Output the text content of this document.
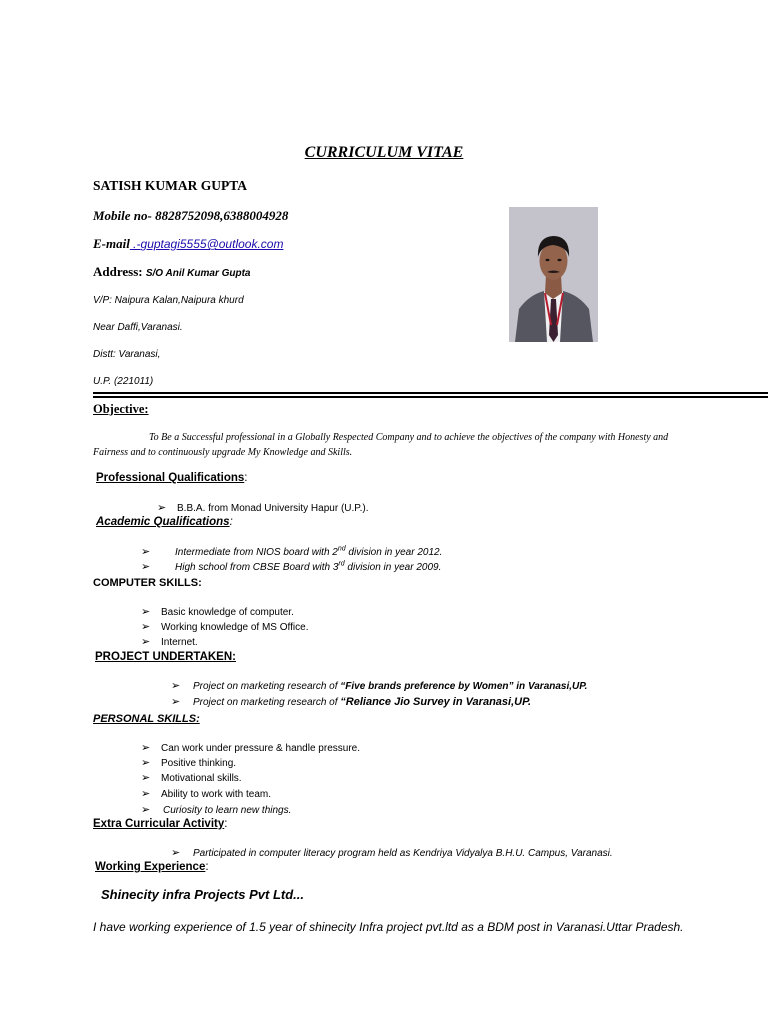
CURRICULUM VITAE
SATISH KUMAR GUPTA
Mobile no- 8828752098,6388004928
E-mail .-guptagi5555@outlook.com
Address: S/O Anil Kumar Gupta
V/P: Naipura Kalan,Naipura khurd
Near Daffi,Varanasi.
Distt: Varanasi,
U.P. (221011)
Objective:
To Be a Successful professional in a Globally Respected Company and to achieve the objectives of the company with Honesty and Fairness and to continuously upgrade My Knowledge and Skills.
Professional Qualifications:
➢ B.B.A. from Monad University Hapur (U.P.).
Academic Qualifications:
➢ Intermediate from NIOS board with 2nd division in year 2012.
➢ High school from CBSE Board with 3rd division in year 2009.
COMPUTER SKILLS:
➢ Basic knowledge of computer.
➢ Working knowledge of MS Office.
➢ Internet.
PROJECT UNDERTAKEN:
➢ Project on marketing research of “Five brands preference by Women” in Varanasi,UP.
➢ Project on marketing research of “Reliance Jio Survey in Varanasi,UP.
PERSONAL SKILLS:
➢ Can work under pressure & handle pressure.
➢ Positive thinking.
➢ Motivational skills.
➢ Ability to work with team.
➢ Curiosity to learn new things.
Extra Curricular Activity:
➢ Participated in computer literacy program held as Kendriya Vidyalya B.H.U. Campus, Varanasi.
Working Experience:
Shinecity infra Projects Pvt Ltd...
I have working experience of 1.5 year of shinecity Infra project pvt.ltd as a BDM post in Varanasi.Uttar Pradesh.
